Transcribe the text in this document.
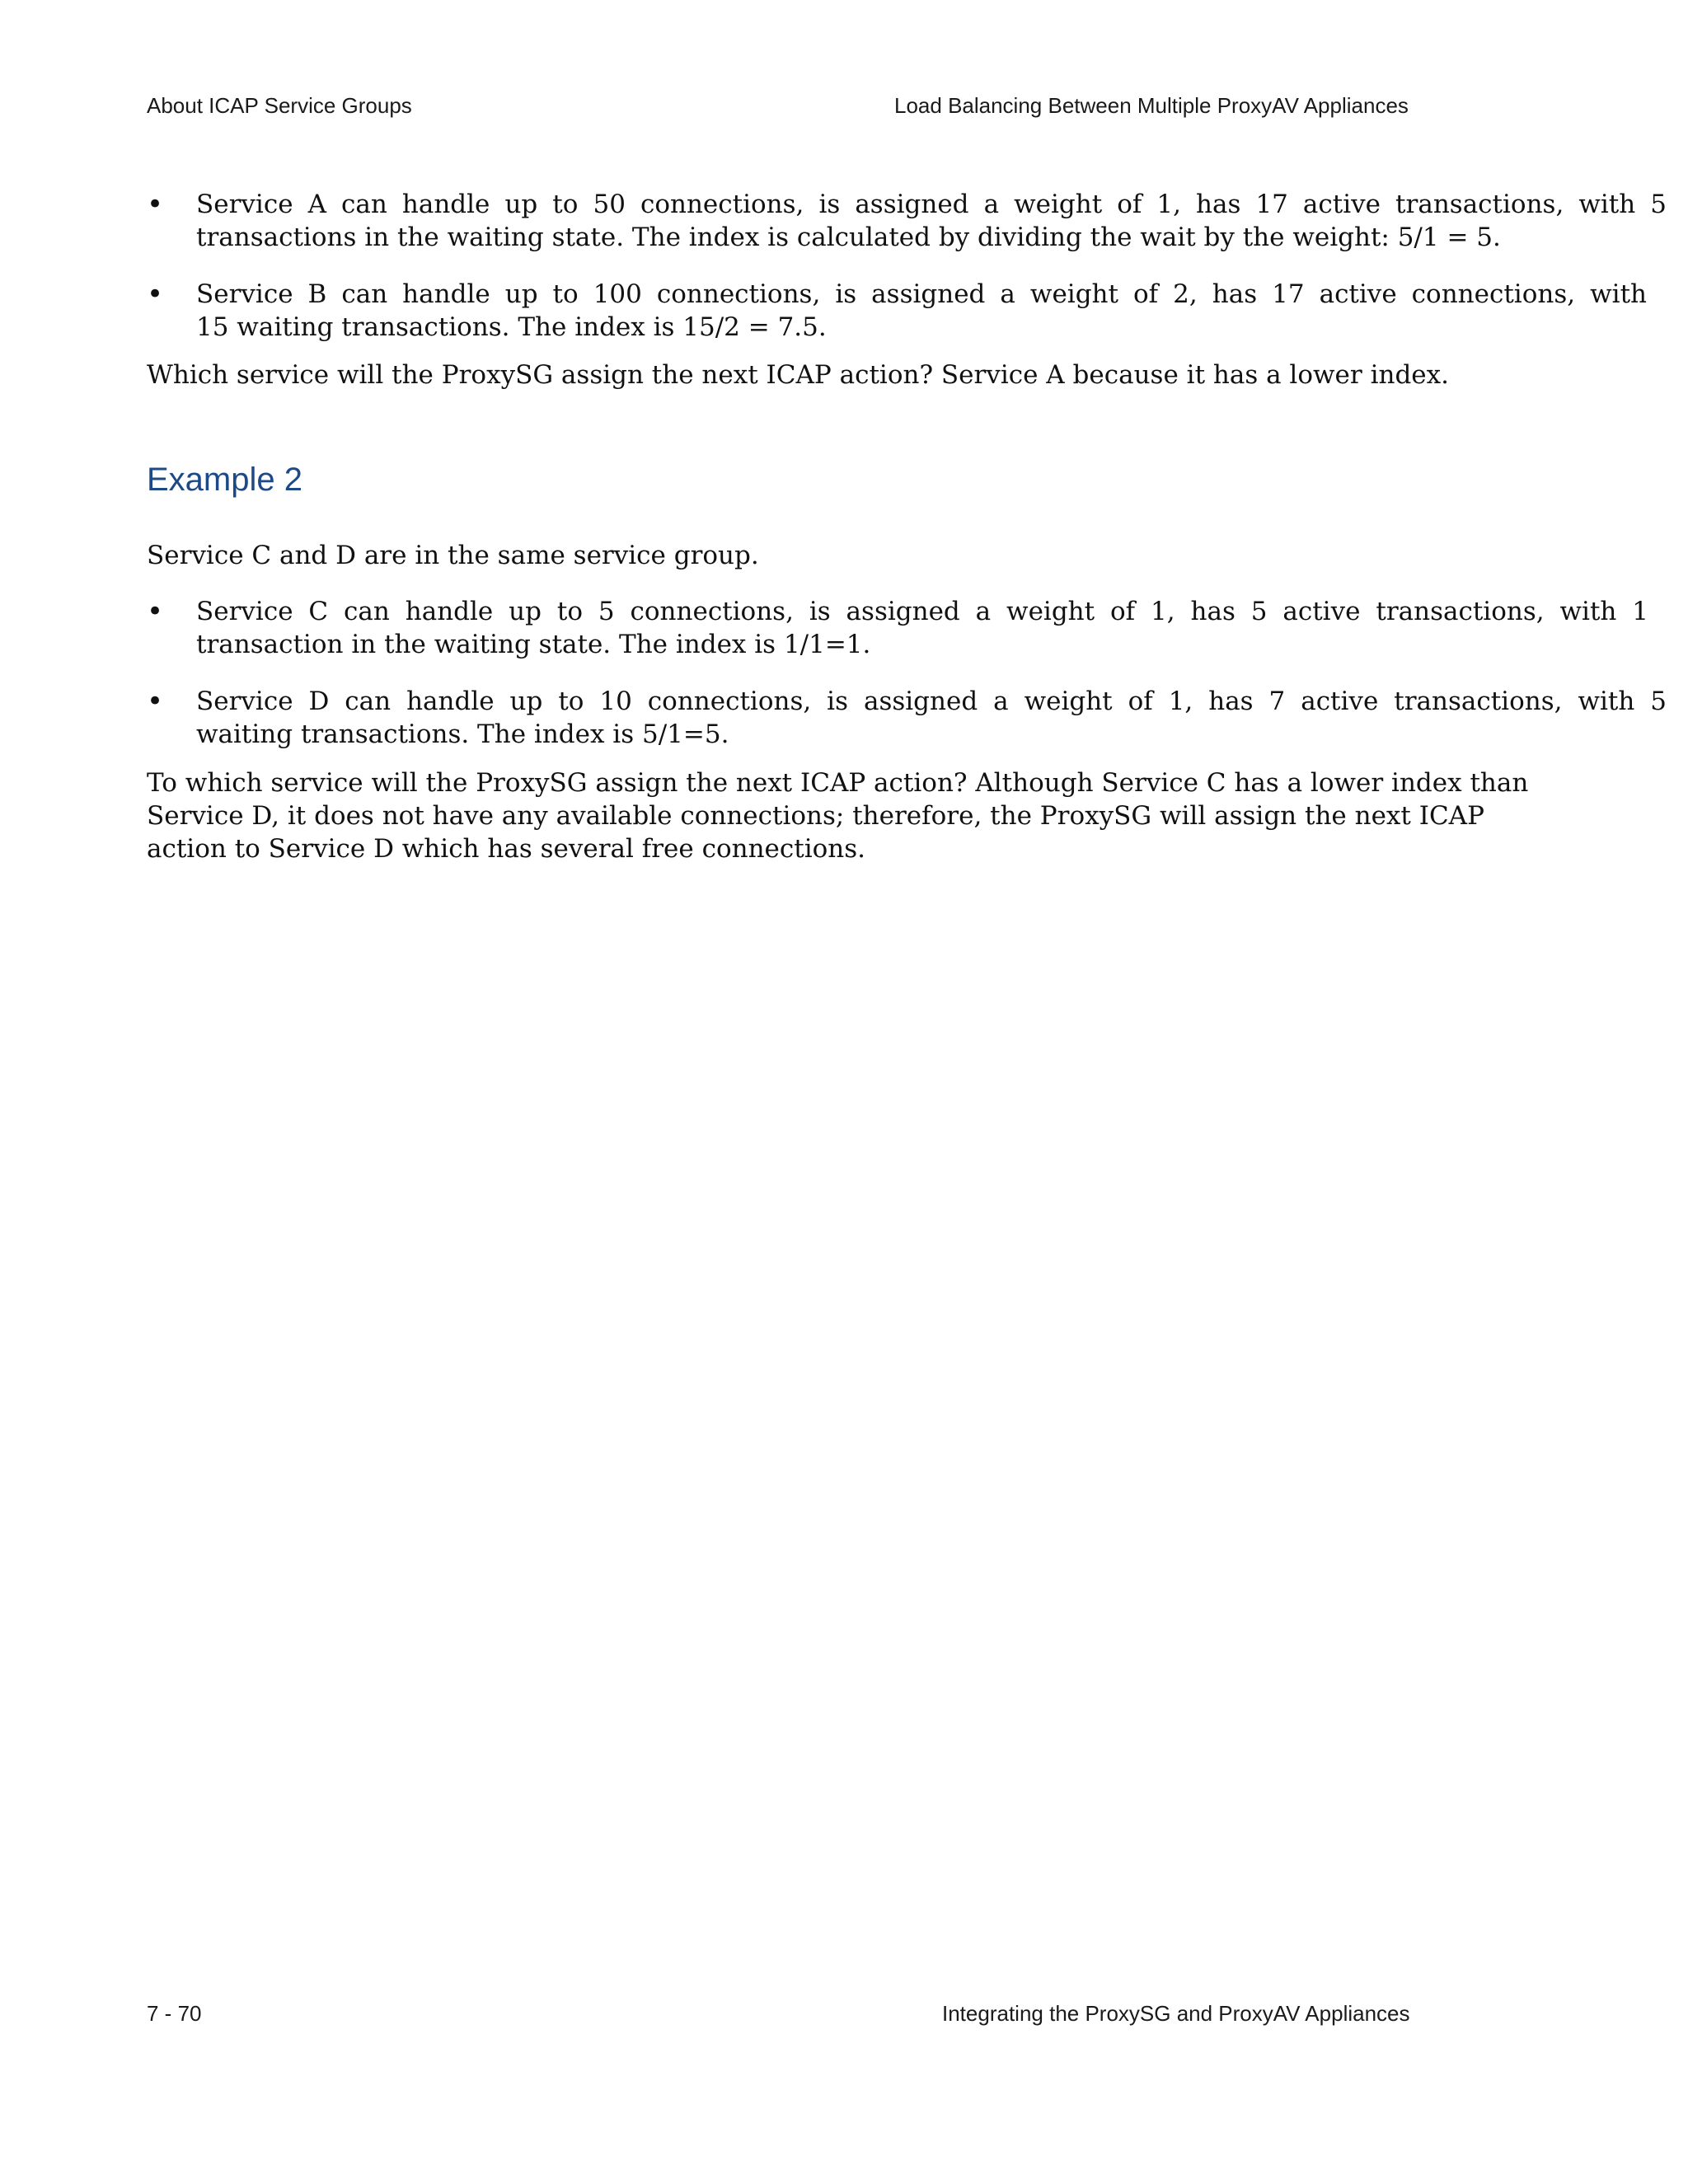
About ICAP Service Groups	Load Balancing Between Multiple ProxyAV Appliances
•	Service A can handle up to 50 connections, is assigned a weight of 1, has 17 active transactions, with 5
transactions in the waiting state. The index is calculated by dividing the wait by the weight: 5/1 = 5.
•	Service B can handle up to 100 connections, is assigned a weight of 2, has 17 active connections, with
15 waiting transactions. The index is 15/2 = 7.5.
Which service will the ProxySG assign the next ICAP action? Service A because it has a lower index.
Example 2
Service C and D are in the same service group.
•	Service C can handle up to 5 connections, is assigned a weight of 1, has 5 active transactions, with 1
transaction in the waiting state. The index is 1/1=1.
•	Service D can handle up to 10 connections, is assigned a weight of 1, has 7 active transactions, with 5
waiting transactions. The index is 5/1=5.
To which service will the ProxySG assign the next ICAP action? Although Service C has a lower index than
Service D, it does not have any available connections; therefore, the ProxySG will assign the next ICAP
action to Service D which has several free connections.
7 - 70	Integrating the ProxySG and ProxyAV Appliances
